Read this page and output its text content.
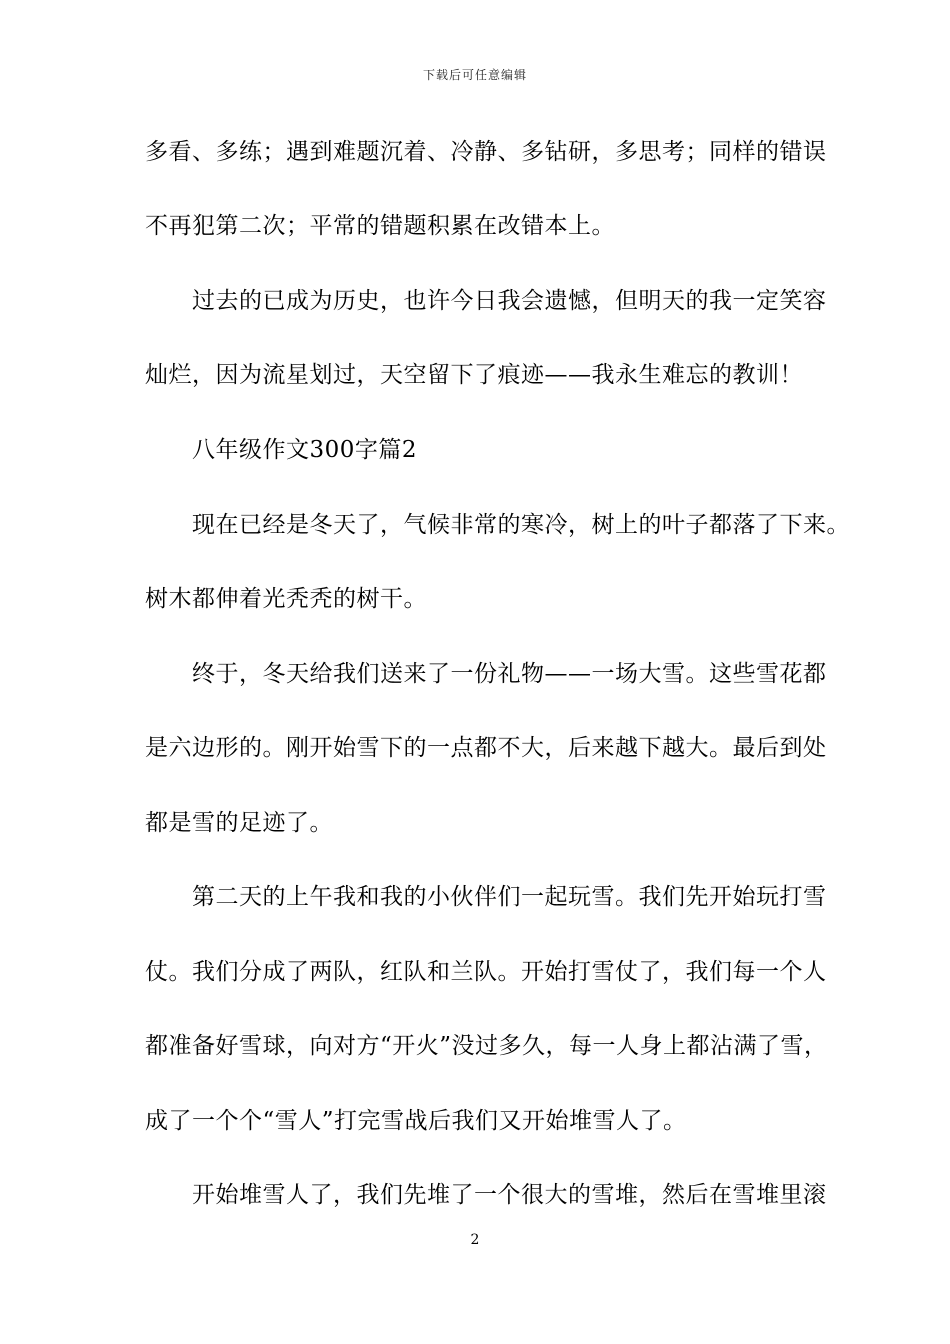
下载后可任意编辑
多看、多练；遇到难题沉着、冷静、多钻研，多思考；同样的错误
不再犯第二次；平常的错题积累在改错本上。
　　过去的已成为历史，也许今日我会遗憾，但明天的我一定笑容
灿烂，因为流星划过，天空留下了痕迹——我永生难忘的教训！
　　八年级作文300字篇2
　　现在已经是冬天了，气候非常的寒冷，树上的叶子都落了下来。
树木都伸着光秃秃的树干。
　　终于，冬天给我们送来了一份礼物——一场大雪。这些雪花都
是六边形的。刚开始雪下的一点都不大，后来越下越大。最后到处
都是雪的足迹了。
　　第二天的上午我和我的小伙伴们一起玩雪。我们先开始玩打雪
仗。我们分成了两队，红队和兰队。开始打雪仗了，我们每一个人
都准备好雪球，向对方“开火”没过多久，每一人身上都沾满了雪，
成了一个个“雪人”打完雪战后我们又开始堆雪人了。
　　开始堆雪人了，我们先堆了一个很大的雪堆，然后在雪堆里滚
2
